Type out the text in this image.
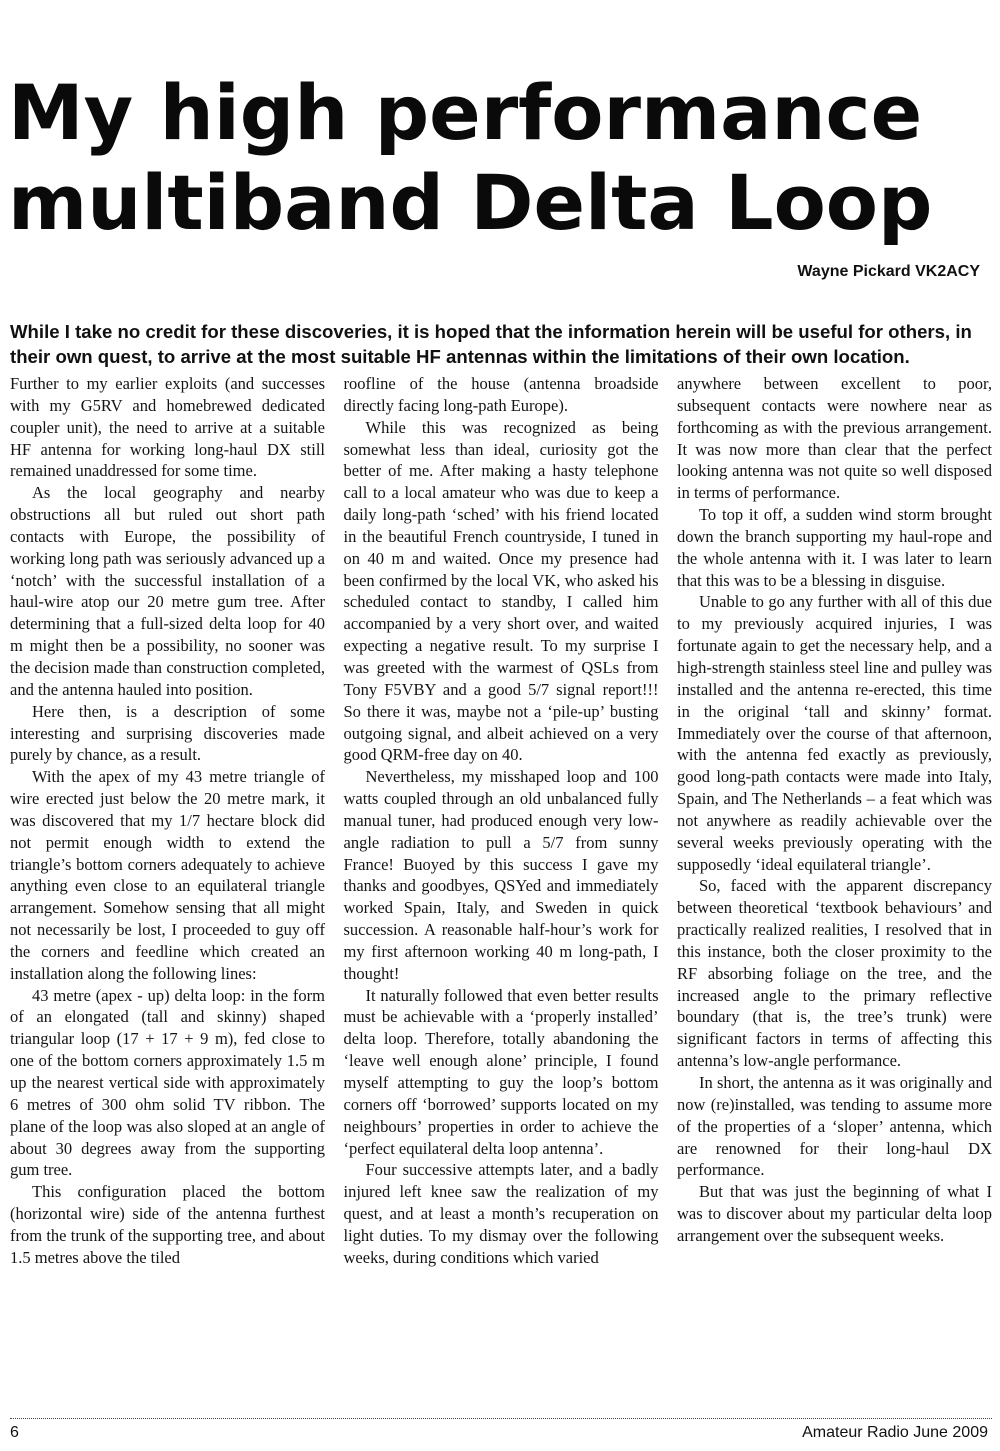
My high performance
multiband Delta Loop
Wayne Pickard VK2ACY

While I take no credit for these discoveries, it is hoped that the information herein will be useful for others, in their own quest, to arrive at the most suitable HF antennas within the limitations of their own location.

Further to my earlier exploits (and successes with my G5RV and homebrewed dedicated coupler unit), the need to arrive at a suitable HF antenna for working long-haul DX still remained unaddressed for some time.

As the local geography and nearby obstructions all but ruled out short path contacts with Europe, the possibility of working long path was seriously advanced up a ‘notch’ with the successful installation of a haul-wire atop our 20 metre gum tree. After determining that a full-sized delta loop for 40 m might then be a possibility, no sooner was the decision made than construction completed, and the antenna hauled into position.

Here then, is a description of some interesting and surprising discoveries made purely by chance, as a result.

With the apex of my 43 metre triangle of wire erected just below the 20 metre mark, it was discovered that my 1/7 hectare block did not permit enough width to extend the triangle’s bottom corners adequately to achieve anything even close to an equilateral triangle arrangement. Somehow sensing that all might not necessarily be lost, I proceeded to guy off the corners and feedline which created an installation along the following lines:

43 metre (apex - up) delta loop: in the form of an elongated (tall and skinny) shaped triangular loop (17 + 17 + 9 m), fed close to one of the bottom corners approximately 1.5 m up the nearest vertical side with approximately 6 metres of 300 ohm solid TV ribbon. The plane of the loop was also sloped at an angle of about 30 degrees away from the supporting gum tree.

This configuration placed the bottom (horizontal wire) side of the antenna furthest from the trunk of the supporting tree, and about 1.5 metres above the tiled

roofline of the house (antenna broadside directly facing long-path Europe).

While this was recognized as being somewhat less than ideal, curiosity got the better of me. After making a hasty telephone call to a local amateur who was due to keep a daily long-path ‘sched’ with his friend located in the beautiful French countryside, I tuned in on 40 m and waited. Once my presence had been confirmed by the local VK, who asked his scheduled contact to standby, I called him accompanied by a very short over, and waited expecting a negative result. To my surprise I was greeted with the warmest of QSLs from Tony F5VBY and a good 5/7 signal report!!! So there it was, maybe not a ‘pile-up’ busting outgoing signal, and albeit achieved on a very good QRM-free day on 40.

Nevertheless, my misshaped loop and 100 watts coupled through an old unbalanced fully manual tuner, had produced enough very low-angle radiation to pull a 5/7 from sunny France! Buoyed by this success I gave my thanks and goodbyes, QSYed and immediately worked Spain, Italy, and Sweden in quick succession. A reasonable half-hour’s work for my first afternoon working 40 m long-path, I thought!

It naturally followed that even better results must be achievable with a ‘properly installed’ delta loop. Therefore, totally abandoning the ‘leave well enough alone’ principle, I found myself attempting to guy the loop’s bottom corners off ‘borrowed’ supports located on my neighbours’ properties in order to achieve the ‘perfect equilateral delta loop antenna’.

Four successive attempts later, and a badly injured left knee saw the realization of my quest, and at least a month’s recuperation on light duties. To my dismay over the following weeks, during conditions which varied

anywhere between excellent to poor, subsequent contacts were nowhere near as forthcoming as with the previous arrangement. It was now more than clear that the perfect looking antenna was not quite so well disposed in terms of performance.

To top it off, a sudden wind storm brought down the branch supporting my haul-rope and the whole antenna with it. I was later to learn that this was to be a blessing in disguise.

Unable to go any further with all of this due to my previously acquired injuries, I was fortunate again to get the necessary help, and a high-strength stainless steel line and pulley was installed and the antenna re-erected, this time in the original ‘tall and skinny’ format. Immediately over the course of that afternoon, with the antenna fed exactly as previously, good long-path contacts were made into Italy, Spain, and The Netherlands – a feat which was not anywhere as readily achievable over the several weeks previously operating with the supposedly ‘ideal equilateral triangle’.

So, faced with the apparent discrepancy between theoretical ‘textbook behaviours’ and practically realized realities, I resolved that in this instance, both the closer proximity to the RF absorbing foliage on the tree, and the increased angle to the primary reflective boundary (that is, the tree’s trunk) were significant factors in terms of affecting this antenna’s low-angle performance.

In short, the antenna as it was originally and now (re)installed, was tending to assume more of the properties of a ‘sloper’ antenna, which are renowned for their long-haul DX performance.

But that was just the beginning of what I was to discover about my particular delta loop arrangement over the subsequent weeks.

6	Amateur Radio June 2009
